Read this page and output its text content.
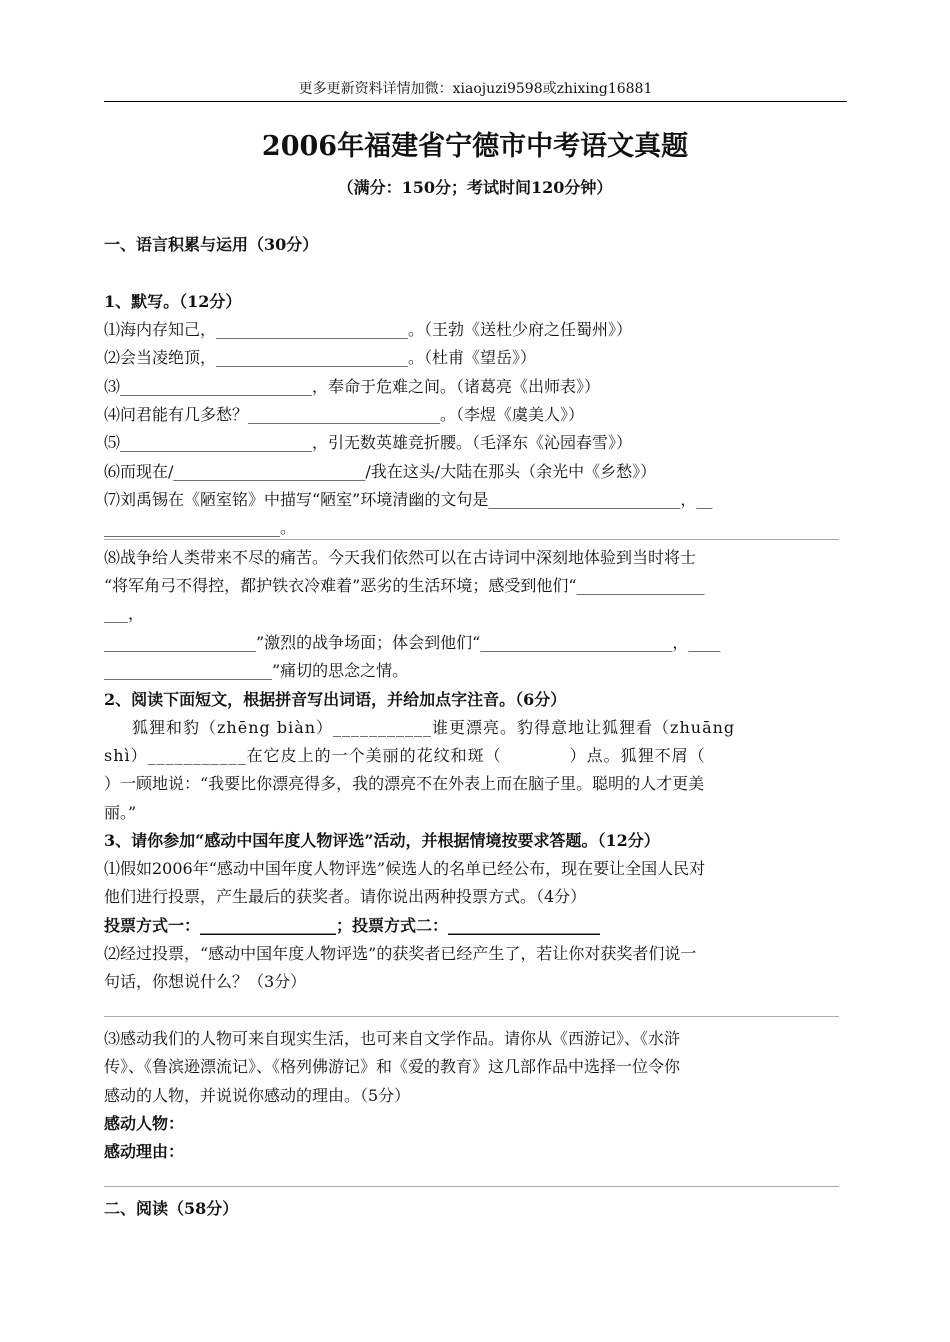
更多更新资料详情加微：xiaojuzi9598或zhixing16881
2006年福建省宁德市中考语文真题
（满分：150分；考试时间120分钟）
一、语言积累与运用（30分）
1、默写。（12分）
⑴海内存知己，________________________。（王勃《送杜少府之任蜀州》）
⑵会当凌绝顶，________________________。（杜甫《望岳》）
⑶________________________，奉命于危难之间。（诸葛亮《出师表》）
⑷问君能有几多愁？________________________。（李煜《虞美人》）
⑸________________________，引无数英雄竞折腰。（毛泽东《沁园春雪》）
⑹而现在/________________________/我在这头/大陆在那头（余光中《乡愁》）
⑺刘禹锡在《陋室铭》中描写“陋室”环境清幽的文句是________________________，__
______________________。
⑻战争给人类带来不尽的痛苦。今天我们依然可以在古诗词中深刻地体验到当时将士
“将军角弓不得控，都护铁衣冷难着”恶劣的生活环境；感受到他们“________________
___，
___________________”激烈的战争场面；体会到他们“________________________，____
_____________________”痛切的思念之情。
2、阅读下面短文，根据拼音写出词语，并给加点字注音。（6分）
狐狸和豹（zhēng biàn）___________谁更漂亮。豹得意地让狐狸看（zhuāng
shì）___________在它皮上的一个美丽的花纹和斑（　　　　）点。狐狸不屑（
）一顾地说：“我要比你漂亮得多，我的漂亮不在外表上而在脑子里。聪明的人才更美
丽。”
3、请你参加“感动中国年度人物评选”活动，并根据情境按要求答题。（12分）
⑴假如2006年“感动中国年度人物评选”候选人的名单已经公布，现在要让全国人民对
他们进行投票，产生最后的获奖者。请你说出两种投票方式。（4分）
投票方式一：_________________；投票方式二：___________________
⑵经过投票，“感动中国年度人物评选”的获奖者已经产生了，若让你对获奖者们说一
句话，你想说什么？（3分）
⑶感动我们的人物可来自现实生活，也可来自文学作品。请你从《西游记》、《水浒
传》、《鲁滨逊漂流记》、《格列佛游记》和《爱的教育》这几部作品中选择一位令你
感动的人物，并说说你感动的理由。（5分）
感动人物：
感动理由：
二、阅读（58分）
